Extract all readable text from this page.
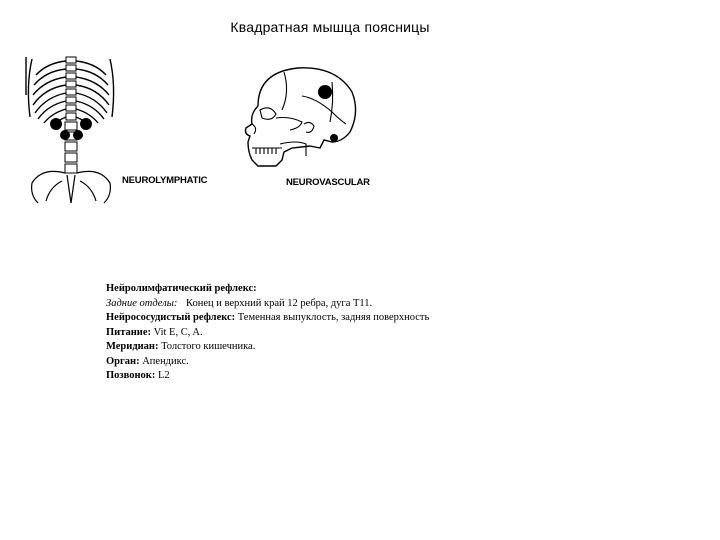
Квадратная мышца поясницы
NEUROLYMPHATIC	NEUROVASCULAR
Нейролимфатический рефлекс:
Задние отделы: Конец и верхний край 12 ребра, дуга T11.
Нейрососудистый рефлекс: Теменная выпуклость, задняя поверхность
Питание: Vit E, C, A.
Меридиан: Толстого кишечника.
Орган: Апендикс.
Позвонок: L2
